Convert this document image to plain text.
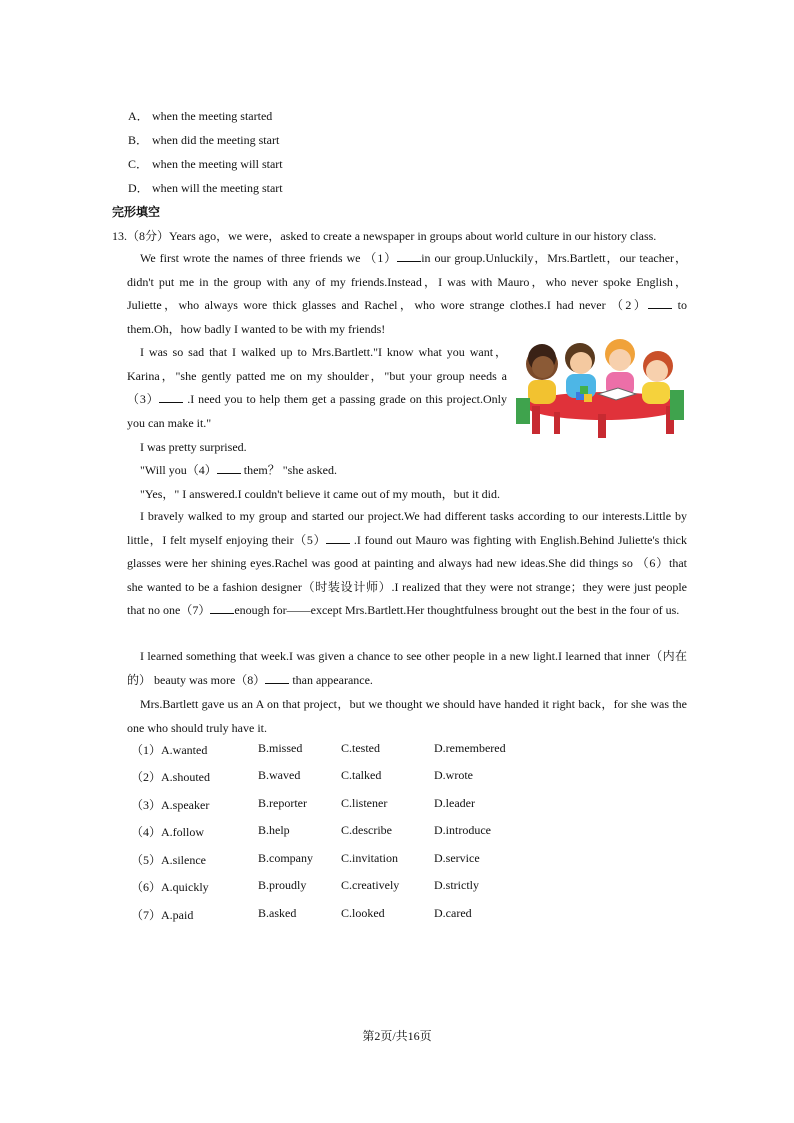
A． when the meeting started
B． when did the meeting start
C． when the meeting will start
D． when will the meeting start
完形填空
13.（8分）Years ago，we were，asked to create a newspaper in groups about world culture in our history class.

We first wrote the names of three friends we （1） in our group.Unluckily，Mrs.Bartlett，our teacher，didn't put me in the group with any of my friends.Instead，I was with Mauro，who never spoke English，Juliette，who always wore thick glasses and Rachel，who wore strange clothes.I had never （2） to them.Oh，how badly I wanted to be with my friends!

I was so sad that I walked up to Mrs.Bartlett."I know what you want，Karina，"she gently patted me on my shoulder，"but your group needs a （3） .I need you to help them get a passing grade on this project.Only you can make it."

I was pretty surprised.

"Will you（4） them？ "she asked.

"Yes，" I answered.I couldn't believe it came out of my mouth，but it did.

I bravely walked to my group and started our project.We had different tasks according to our interests.Little by little，I felt myself enjoying their（5） .I found out Mauro was fighting with English.Behind Juliette's thick glasses were her shining eyes.Rachel was good at painting and always had new ideas.She did things so （6）that she wanted to be a fashion designer（时装设计师）.I realized that they were not strange；they were just people that no one（7） enough for——except Mrs.Bartlett.Her thoughtfulness brought out the best in the four of us.

I learned something that week.I was given a chance to see other people in a new light.I learned that inner（内在的） beauty was more（8） than appearance.

Mrs.Bartlett gave us an A on that project，but we thought we should have handed it right back，for she was the one who should truly have it.

（1）A.wanted	B.missed	C.tested	D.remembered
（2）A.shouted	B.waved	C.talked	D.wrote
（3）A.speaker	B.reporter	C.listener	D.leader
（4）A.follow	B.help	C.describe	D.introduce
（5）A.silence	B.company C.invitation	D.service
（6）A.quickly	B.proudly	C.creatively	D.strictly
（7）A.paid	B.asked	C.looked	D.cared
第2页/共16页
